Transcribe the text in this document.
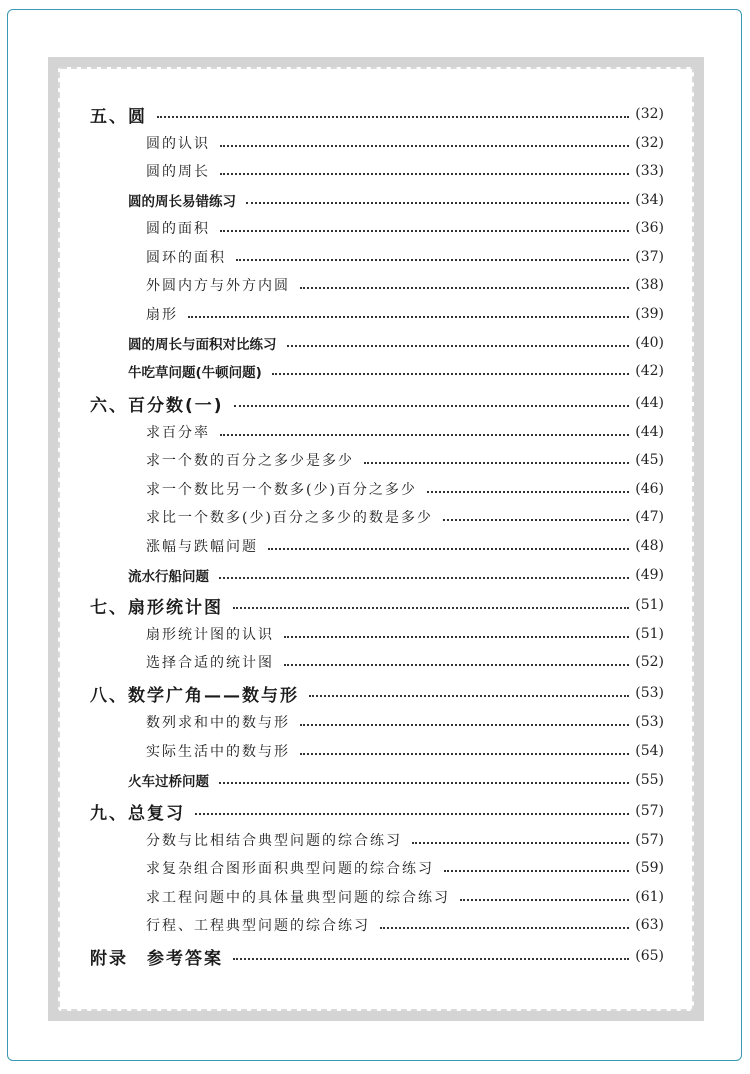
五、圆	(32)
圆的认识	(32)
圆的周长	(33)
圆的周长易错练习	(34)
圆的面积	(36)
圆环的面积	(37)
外圆内方与外方内圆	(38)
扇形	(39)
圆的周长与面积对比练习	(40)
牛吃草问题(牛顿问题)	(42)
六、百分数(一)	(44)
求百分率	(44)
求一个数的百分之多少是多少	(45)
求一个数比另一个数多(少)百分之多少	(46)
求比一个数多(少)百分之多少的数是多少	(47)
涨幅与跌幅问题	(48)
流水行船问题	(49)
七、扇形统计图	(51)
扇形统计图的认识	(51)
选择合适的统计图	(52)
八、数学广角——数与形	(53)
数列求和中的数与形	(53)
实际生活中的数与形	(54)
火车过桥问题	(55)
九、总复习	(57)
分数与比相结合典型问题的综合练习	(57)
求复杂组合图形面积典型问题的综合练习	(59)
求工程问题中的具体量典型问题的综合练习	(61)
行程、工程典型问题的综合练习	(63)
附录　参考答案	(65)
